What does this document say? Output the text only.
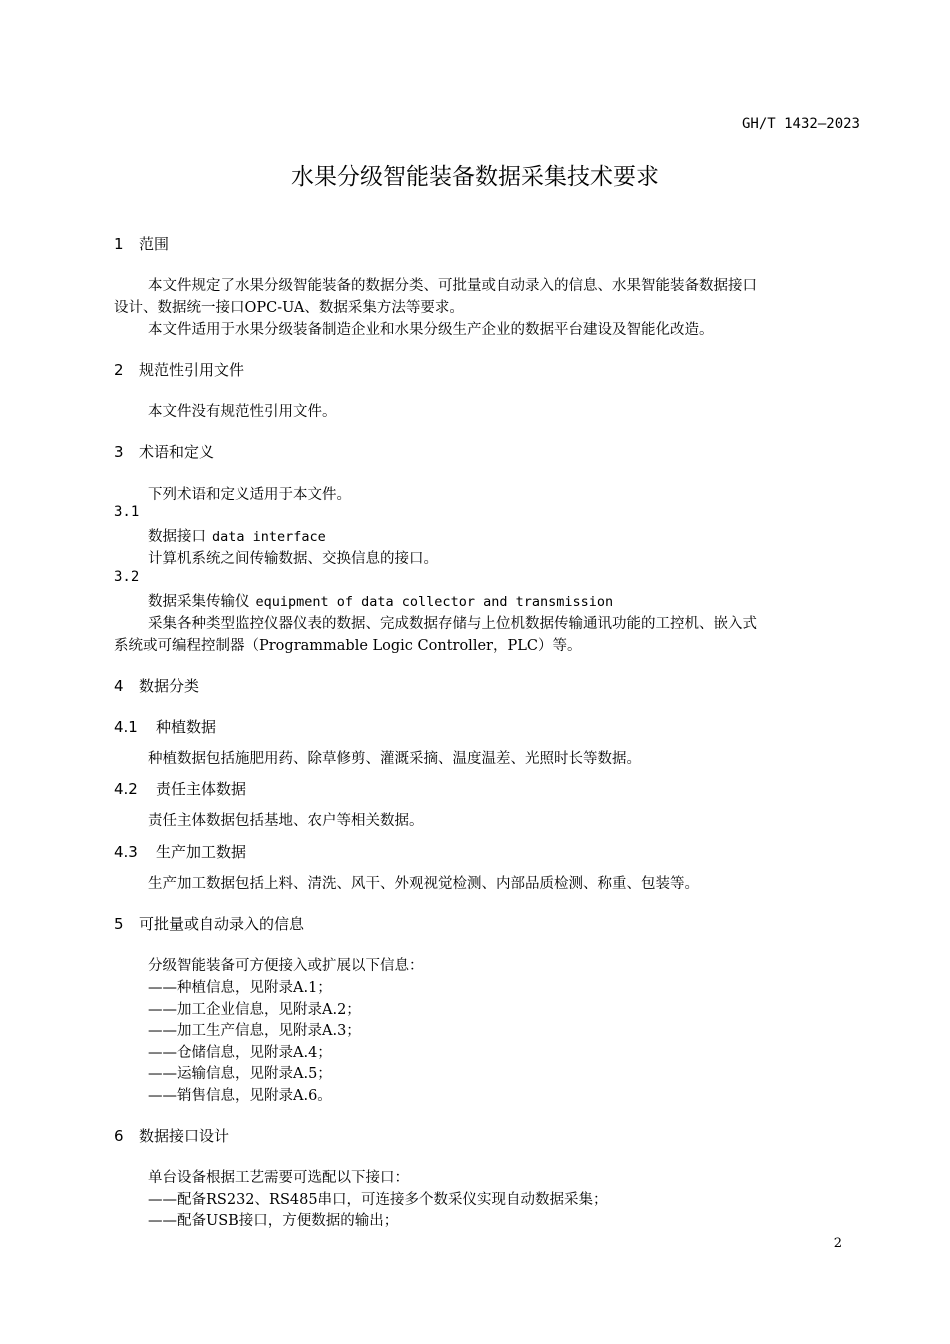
GH/T 1432—2023
水果分级智能装备数据采集技术要求
1 范围
本文件规定了水果分级智能装备的数据分类、可批量或自动录入的信息、水果智能装备数据接口
设计、数据统一接口OPC-UA、数据采集方法等要求。
本文件适用于水果分级装备制造企业和水果分级生产企业的数据平台建设及智能化改造。
2 规范性引用文件
本文件没有规范性引用文件。
3 术语和定义
下列术语和定义适用于本文件。
3.1
数据接口 data interface
计算机系统之间传输数据、交换信息的接口。
3.2
数据采集传输仪 equipment of data collector and transmission
采集各种类型监控仪器仪表的数据、完成数据存储与上位机数据传输通讯功能的工控机、嵌入式
系统或可编程控制器（Programmable Logic Controller，PLC）等。
4 数据分类
4.1 种植数据
种植数据包括施肥用药、除草修剪、灌溉采摘、温度温差、光照时长等数据。
4.2 责任主体数据
责任主体数据包括基地、农户等相关数据。
4.3 生产加工数据
生产加工数据包括上料、清洗、风干、外观视觉检测、内部品质检测、称重、包装等。
5 可批量或自动录入的信息
分级智能装备可方便接入或扩展以下信息：
——种植信息，见附录A.1；
——加工企业信息，见附录A.2；
——加工生产信息，见附录A.3；
——仓储信息，见附录A.4；
——运输信息，见附录A.5；
——销售信息，见附录A.6。
6 数据接口设计
单台设备根据工艺需要可选配以下接口：
——配备RS232、RS485串口，可连接多个数采仪实现自动数据采集；
——配备USB接口，方便数据的输出；
2
